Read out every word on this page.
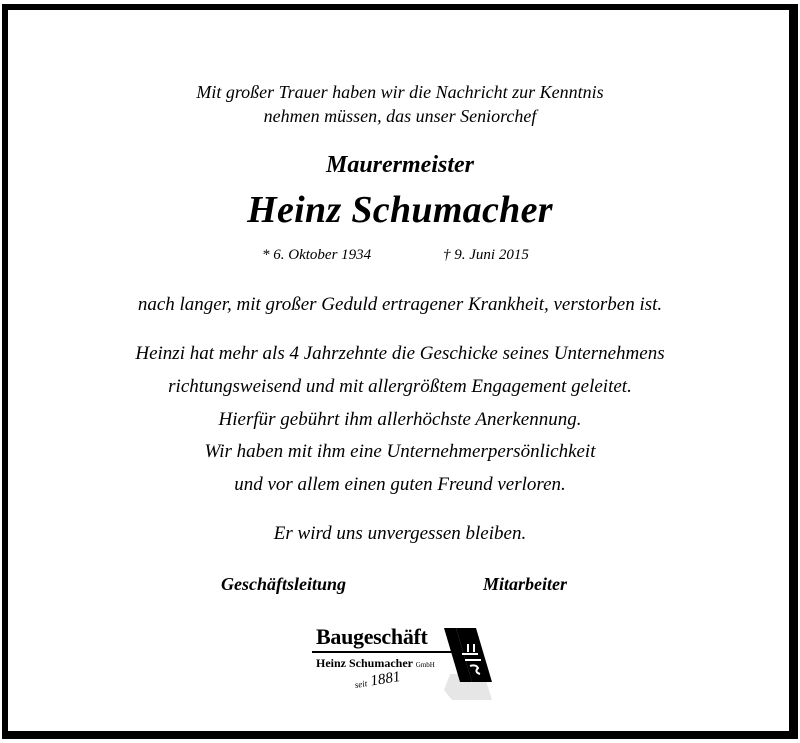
Mit großer Trauer haben wir die Nachricht zur Kenntnis
nehmen müssen, das unser Seniorchef
Maurermeister
Heinz Schumacher
* 6. Oktober 1934	† 9. Juni 2015
nach langer, mit großer Geduld ertragener Krankheit, verstorben ist.
Heinzi hat mehr als 4 Jahrzehnte die Geschicke seines Unternehmens
richtungsweisend und mit allergrößtem Engagement geleitet.
Hierfür gebührt ihm allerhöchste Anerkennung.
Wir haben mit ihm eine Unternehmerpersönlichkeit
und vor allem einen guten Freund verloren.
Er wird uns unvergessen bleiben.
Geschäftsleitung	Mitarbeiter
Baugeschäft
Heinz Schumacher GmbH
seit 1881
